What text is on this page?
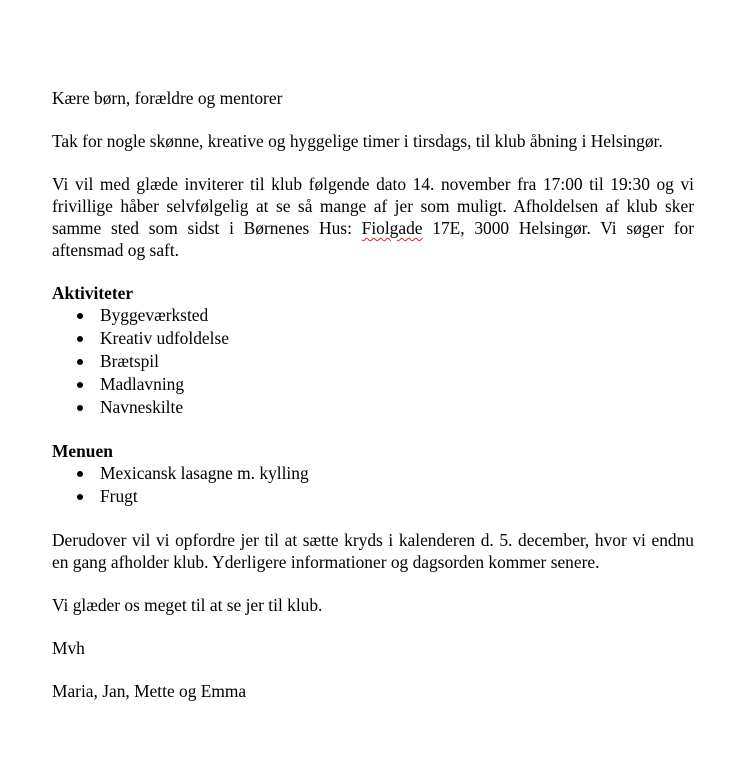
Kære børn, forældre og mentorer

Tak for nogle skønne, kreative og hyggelige timer i tirsdags, til klub åbning i Helsingør.

Vi vil med glæde inviterer til klub følgende dato 14. november fra 17:00 til 19:30 og vi frivillige håber selvfølgelig at se så mange af jer som muligt. Afholdelsen af klub sker samme sted som sidst i Børnenes Hus: Fiolgade 17E, 3000 Helsingør. Vi søger for aftensmad og saft.

Aktiviteter
Byggeværksted
Kreativ udfoldelse
Brætspil
Madlavning
Navneskilte
Menuen
Mexicansk lasagne m. kylling
Frugt

Derudover vil vi opfordre jer til at sætte kryds i kalenderen d. 5. december, hvor vi endnu en gang afholder klub. Yderligere informationer og dagsorden kommer senere.

Vi glæder os meget til at se jer til klub.

Mvh

Maria, Jan, Mette og Emma
